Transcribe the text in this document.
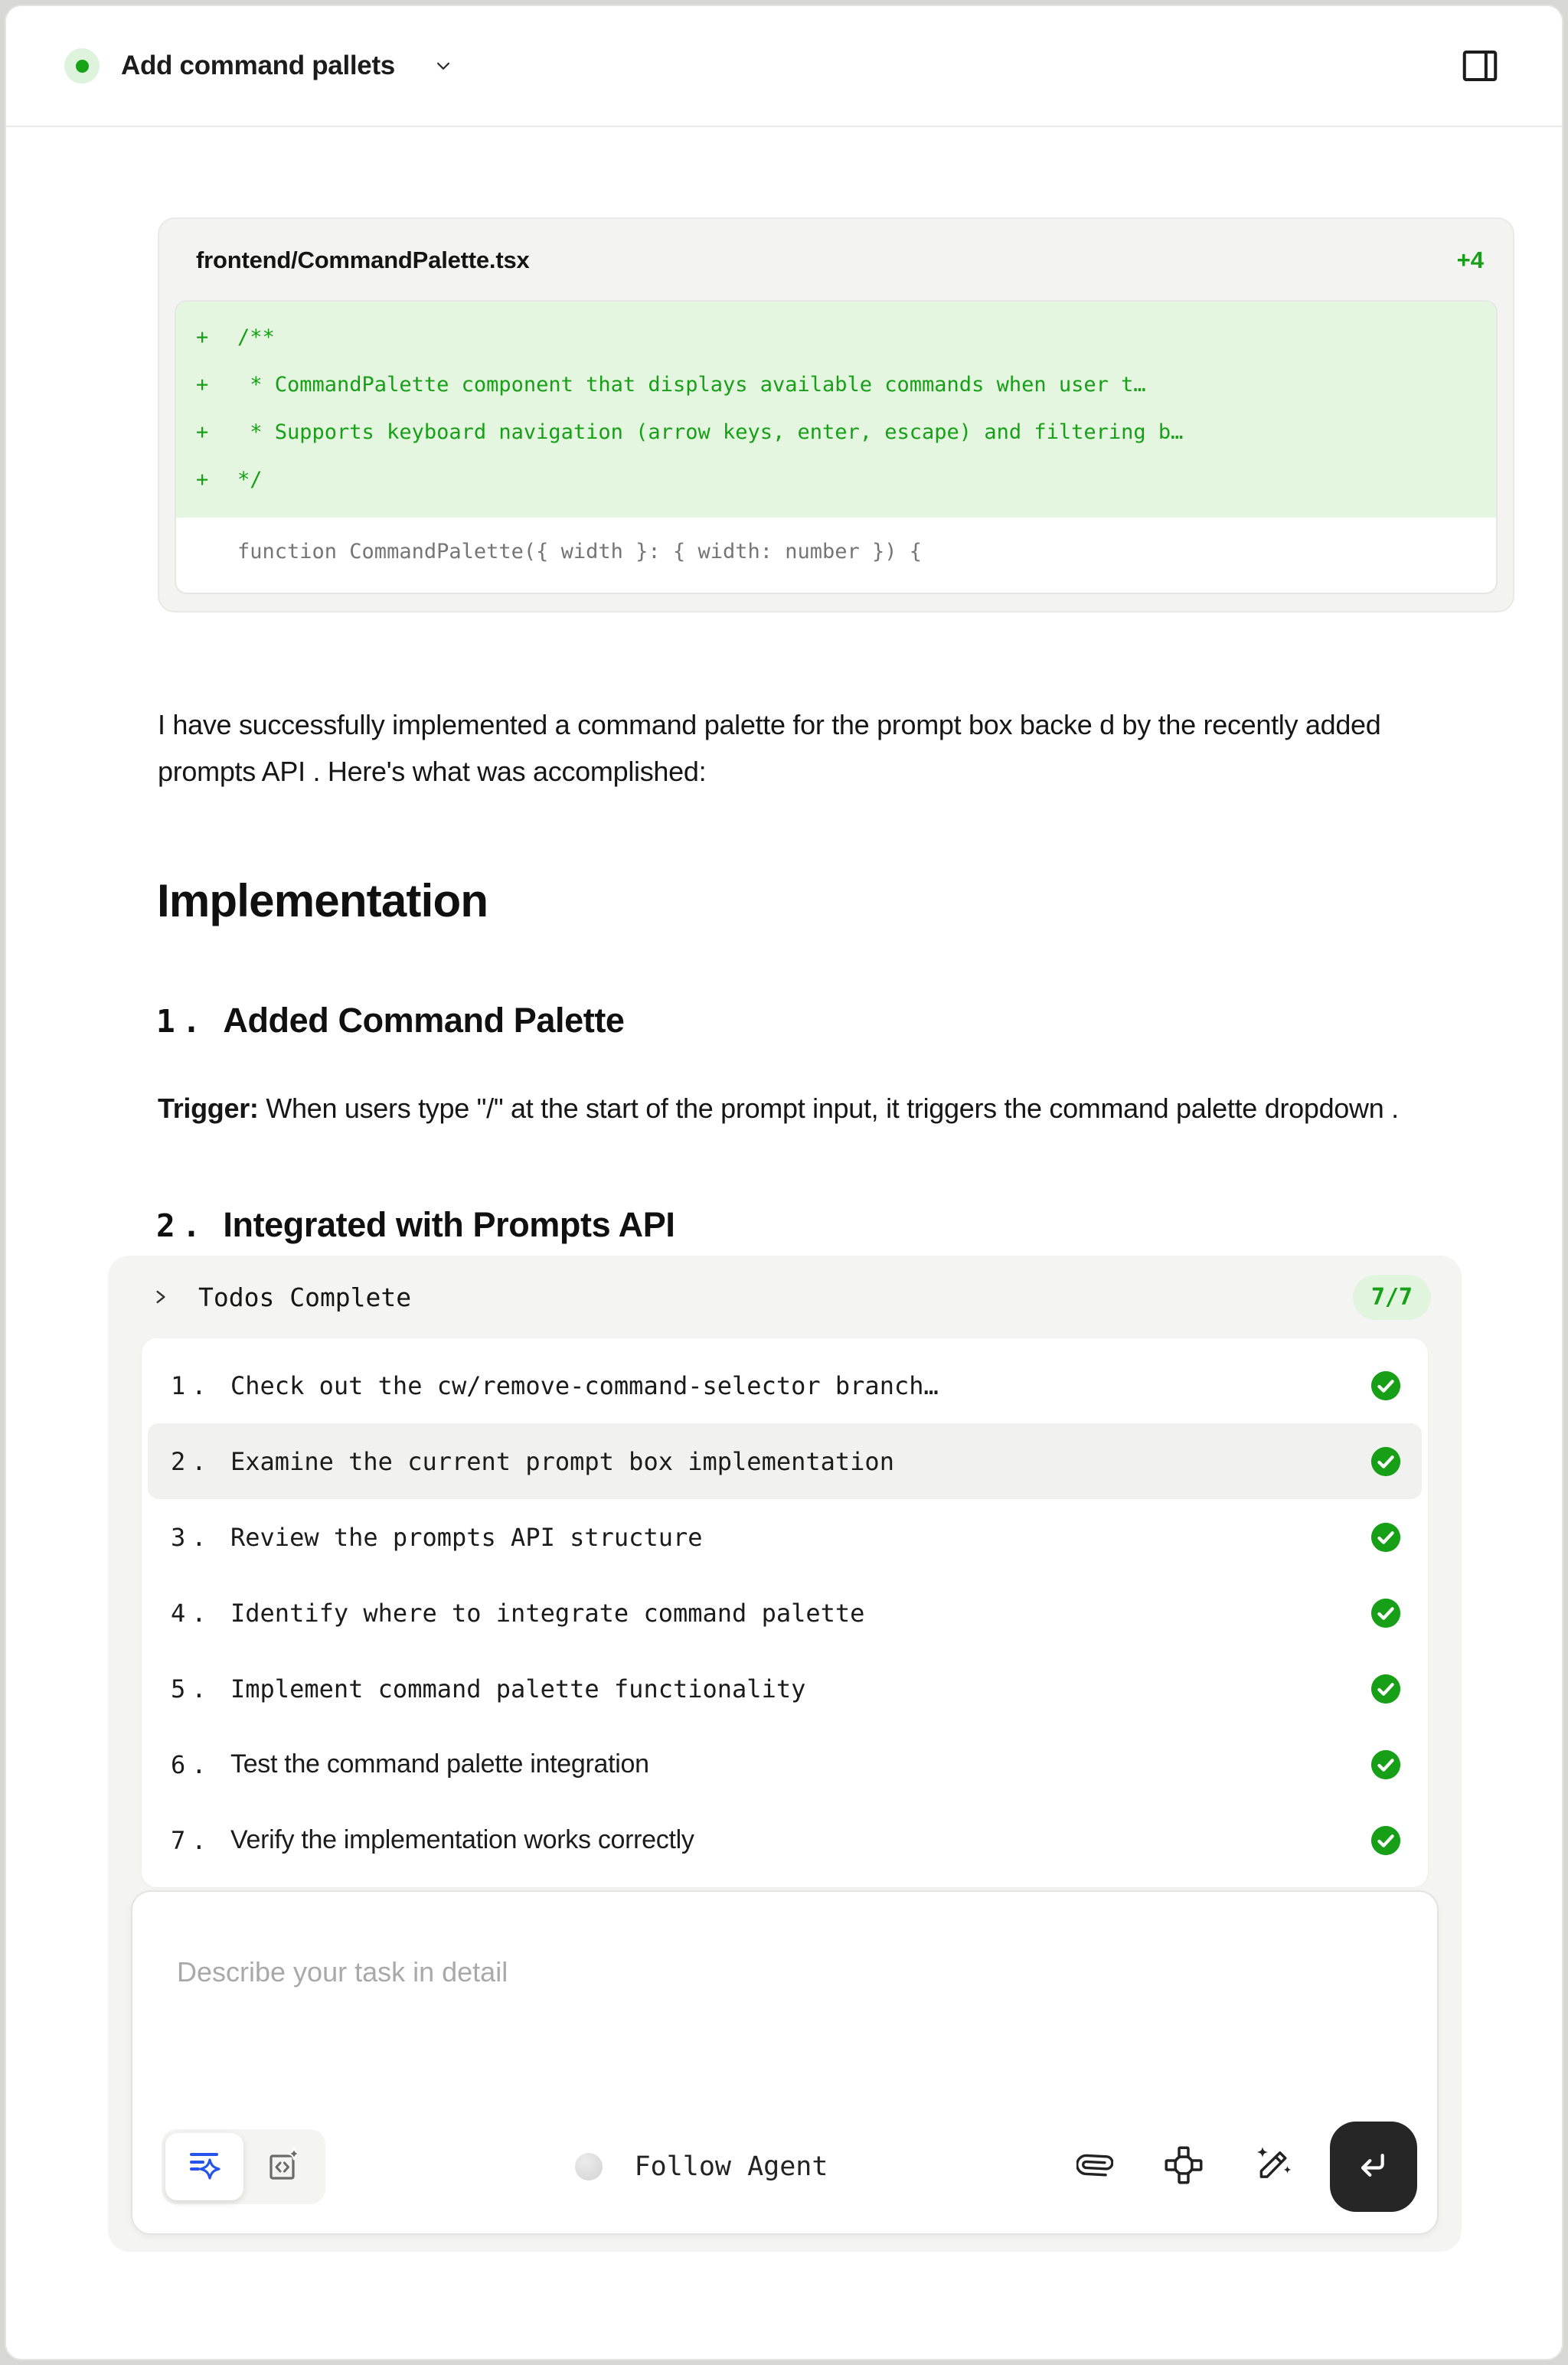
Add command pallets
frontend/CommandPalette.tsx	+4
+	/**
+	* CommandPalette component that displays available commands when user t…
+	* Supports keyboard navigation (arrow keys, enter, escape) and filtering b…
+	*/
function CommandPalette({ width }: { width: number }) {

I have successfully implemented a command palette for the prompt box backe d by the recently added prompts API . Here's what was accomplished:

Implementation
1. Added Command Palette

Trigger: When users type "/" at the start of the prompt input, it triggers the command palette dropdown .

2. Integrated with Prompts API
Todos Complete	7/7
1. Check out the cw/remove-command-selector branch…
2. Examine the current prompt box implementation
3. Review the prompts API structure
4. Identify where to integrate command palette
5. Implement command palette functionality
6. Test the command palette integration
7. Verify the implementation works correctly
Describe your task in detail
Follow Agent
